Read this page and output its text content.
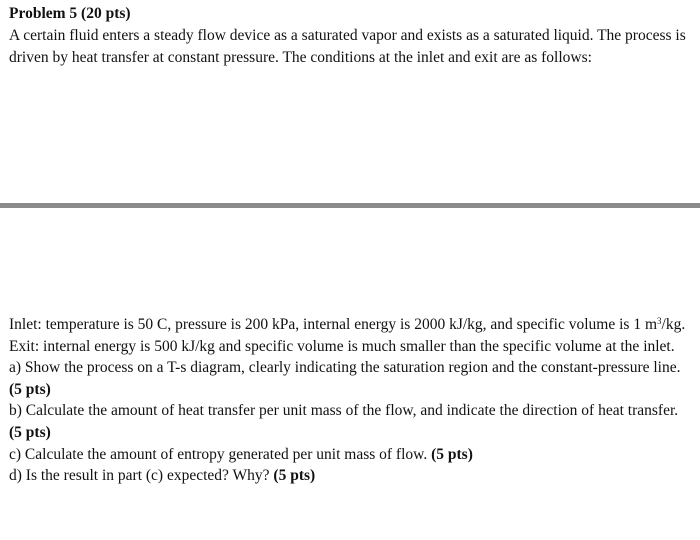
Problem 5 (20 pts)

A certain fluid enters a steady flow device as a saturated vapor and exists as a saturated liquid. The process is driven by heat transfer at constant pressure. The conditions at the inlet and exit are as follows:

Inlet: temperature is 50 C, pressure is 200 kPa, internal energy is 2000 kJ/kg, and specific volume is 1 $m^3/kg$.

Exit: internal energy is 500 kJ/kg and specific volume is much smaller than the specific volume at the inlet.

a) Show the process on a T-s diagram, clearly indicating the saturation region and the constant-pressure line. (5 pts)

b) Calculate the amount of heat transfer per unit mass of the flow, and indicate the direction of heat transfer. (5 pts)

c) Calculate the amount of entropy generated per unit mass of flow. (5 pts)

d) Is the result in part (c) expected? Why? (5 pts)
